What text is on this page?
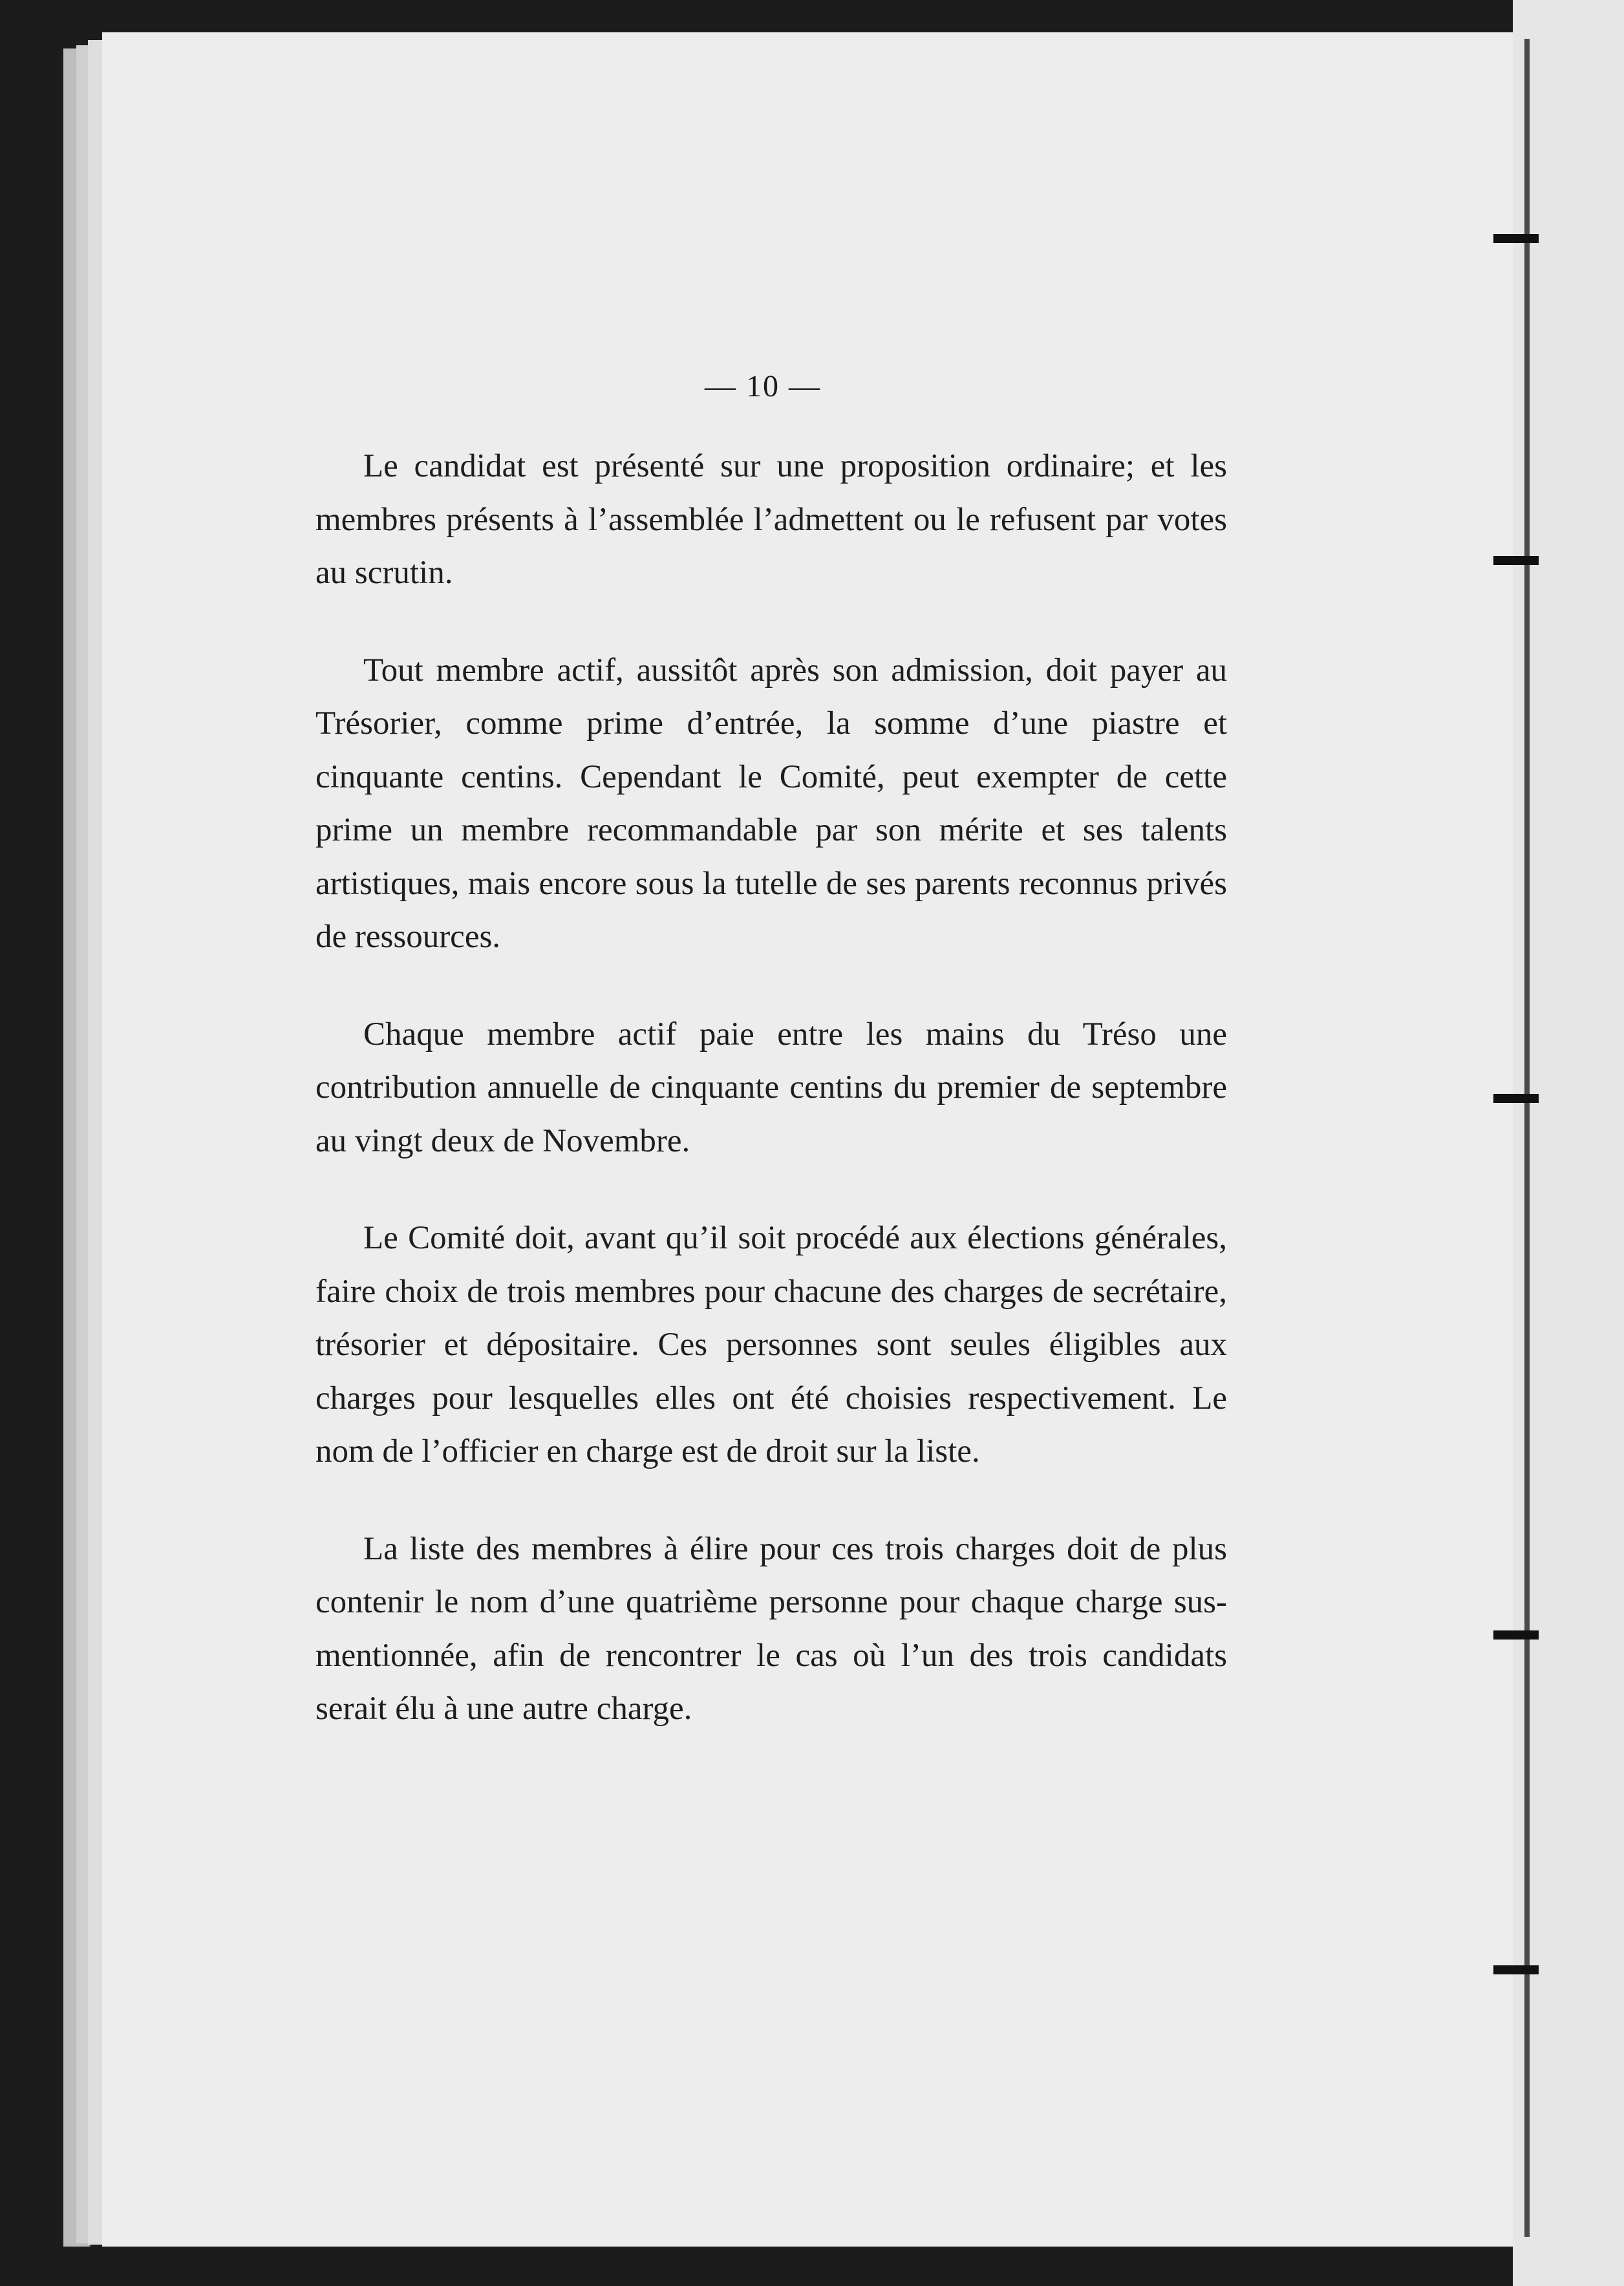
— 10 —

Le candidat est présenté sur une proposition ordinaire; et les membres présents à l’assemblée l’admettent ou le refusent par votes au scrutin.

Tout membre actif, aussitôt après son admission, doit payer au Trésorier, comme prime d’entrée, la somme d’une piastre et cinquante centins. Cependant le Comité, peut exempter de cette prime un membre recommandable par son mérite et ses talents artistiques, mais encore sous la tutelle de ses parents reconnus privés de ressources.

Chaque membre actif paie entre les mains du Tréso une contribution annuelle de cinquante centins du premier de septembre au vingt deux de Novembre.

Le Comité doit, avant qu’il soit procédé aux élections générales, faire choix de trois membres pour chacune des charges de secrétaire, trésorier et dépositaire. Ces personnes sont seules éligibles aux charges pour lesquelles elles ont été choisies respectivement. Le nom de l’officier en charge est de droit sur la liste.

La liste des membres à élire pour ces trois charges doit de plus contenir le nom d’une quatrième personne pour chaque charge sus-mentionnée, afin de rencontrer le cas où l’un des trois candidats serait élu à une autre charge.
